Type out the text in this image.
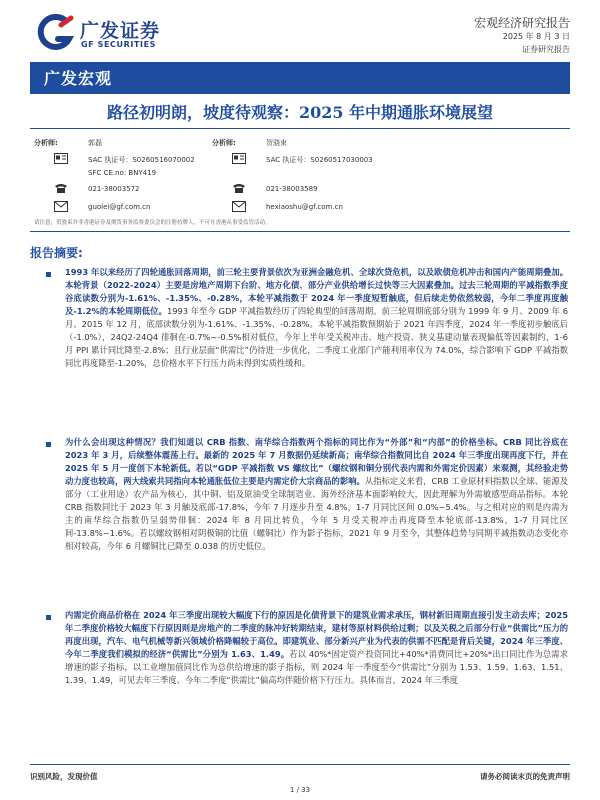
广发证券
GF SECURITIES
宏观经济研究报告
2025 年 8 月 3 日
证券研究报告
广发宏观
路径初明朗，坡度待观察：2025 年中期通胀环境展望
分析师:	郭磊
SAC 执证号：S0260516070002
SFC CE.no: BNY419
021-38003572
guolei@gf.com.cn
分析师:	贺骁束
SAC 执证号：S0260517030003
021-38003589
hexiaoshu@gf.com.cn
请注意，贺骁束并非香港证券及期货事务监察委员会的注册持牌人，不可在香港从事受监管活动。
报告摘要:
1993 年以来经历了四轮通胀回落周期，前三轮主要背景依次为亚洲金融危机、全球次贷危机，以及欧债危机冲击和国内产能周期叠加。本轮背景（2022-2024）主要是房地产周期下台阶、地方化债、部分产业供给增长过快等三大因素叠加。过去三轮周期的平减指数季度谷底读数分别为-1.61%、-1.35%、-0.28%，本轮平减指数于 2024 年一季度短暂触底，但后续走势依然较弱，今年二季度再度触及-1.2%的本轮周期低位。1993 年至今 GDP 平减指数经历了四轮典型的回落周期。前三轮周期底部分别为 1999 年 9 月、2009 年 6 月、2015 年 12 月，底部读数分别为-1.61%、-1.35%、-0.28%。本轮平减指数预期始于 2021 年四季度，2024 年一季度初步触底后（-1.0%），24Q2-24Q4 徘徊在-0.7%~-0.5%相对低位，今年上半年受关税冲击、地产投资、狭义基建动量表现偏低等因素制约，1-6 月 PPI 累计同比降至-2.8%；且行业层面“供需比”仍待进一步优化，二季度工业部门产能利用率仅为 74.0%，综合影响下 GDP 平减指数同比再度降至-1.20%，总价格水平下行压力尚未得到实质性缓和。
为什么会出现这种情况？我们知道以 CRB 指数、南华综合指数两个指标的同比作为“外部”和“内部”的价格坐标。CRB 同比谷底在 2023 年 3 月，后续整体震荡上行。最新的 2025 年 7 月数据仍延续新高；南华综合指数同比自 2024 年三季度出现再度下行，并在 2025 年 5 月一度创下本轮新低。若以“GDP 平减指数 VS 螺纹比”（螺纹钢和铜分别代表内需和外需定价因素）来观测，其经验走势动力度也较高，两大线索共同指向本轮通胀低位主要是内需定价大宗商品的影响。从指标定义来看，CRB 工业原材料指数以全球、能源及部分（工业用途）农产品为核心，其中铜、铝及原油受全球制造业、海外经济基本面影响较大，因此理解为外需敏感型商品指标。本轮 CRB 指数同比于 2023 年 3 月触及底部-17.8%，今年 7 月逐步升至 4.8%，1-7 月同比区间 0.0%~5.4%。与之相对应的则是内需为主的南华综合指数仍呈弱势徘徊：2024 年 8 月同比转负，今年 5 月受关税冲击再度降至本轮底部-13.8%，1-7 月同比区间-13.8%~1.6%。若以螺纹钢相对阴极铜的比值（螺铜比）作为影子指标，2021 年 9 月至今，其整体趋势与同期平减指数动态变化亦相对较高，今年 6 月螺铜比已降至 0.038 的历史低位。
内需定价商品价格在 2024 年三季度出现较大幅度下行的原因是化债背景下的建筑业需求承压，钢材新旧周期直接引发主动去库；2025 年二季度价格较大幅度下行原因则是房地产的二季度的脉冲好转期结束，建材等原材料供给过剩；以及关税之后部分行业“供需比”压力的再度出现，汽车、电气机械等新兴领域价格降幅较于高位。即建筑业、部分新兴产业为代表的供需不匹配是背后关键，2024 年三季度、今年二季度我们模拟的经济“供需比”分别为 1.63、1.49。若以 40%*固定资产投资同比+40%*消费同比+20%*出口同比作为总需求增速的影子指标，以工业增加值同比作为总供给增速的影子指标，则 2024 年一季度至今“供需比”分别为 1.53、1.59、1.63、1.51、1.39、1.49，可见去年三季度、今年二季度“供需比”偏高均伴随价格下行压力。具体而言，2024 年三季度
识别风险，发现价值	请务必阅读末页的免责声明
1 / 33
